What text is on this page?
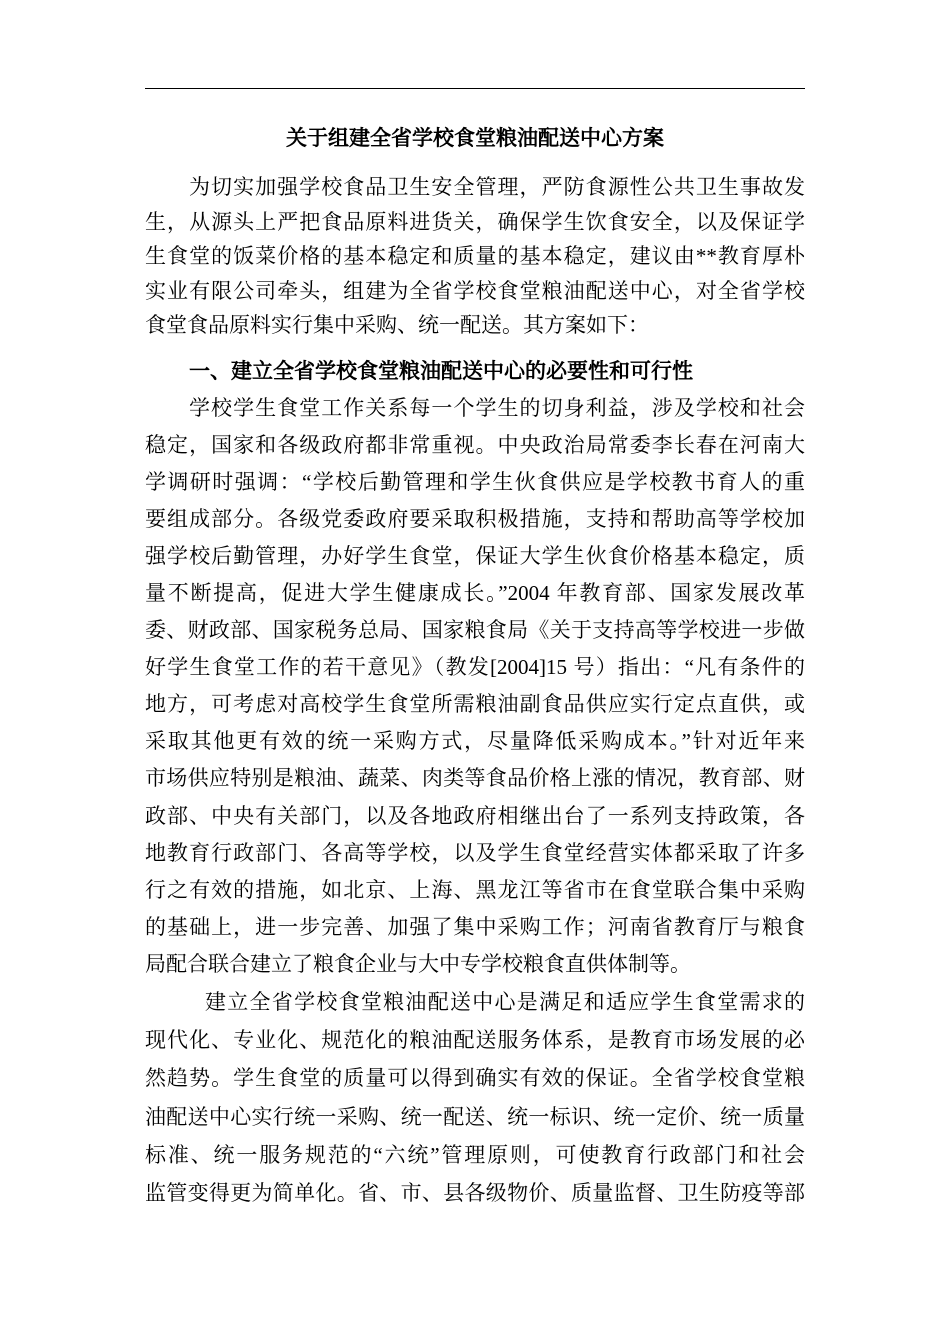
关于组建全省学校食堂粮油配送中心方案
为切实加强学校食品卫生安全管理，严防食源性公共卫生事故发
生，从源头上严把食品原料进货关，确保学生饮食安全，以及保证学
生食堂的饭菜价格的基本稳定和质量的基本稳定，建议由**教育厚朴
实业有限公司牵头，组建为全省学校食堂粮油配送中心，对全省学校
食堂食品原料实行集中采购、统一配送。其方案如下：
一、建立全省学校食堂粮油配送中心的必要性和可行性
学校学生食堂工作关系每一个学生的切身利益，涉及学校和社会
稳定，国家和各级政府都非常重视。中央政治局常委李长春在河南大
学调研时强调：“学校后勤管理和学生伙食供应是学校教书育人的重
要组成部分。各级党委政府要采取积极措施，支持和帮助高等学校加
强学校后勤管理，办好学生食堂，保证大学生伙食价格基本稳定，质
量不断提高，促进大学生健康成长。”2004 年教育部、国家发展改革
委、财政部、国家税务总局、国家粮食局《关于支持高等学校进一步做
好学生食堂工作的若干意见》（教发[2004]15 号）指出：“凡有条件的
地方，可考虑对高校学生食堂所需粮油副食品供应实行定点直供，或
采取其他更有效的统一采购方式，尽量降低采购成本。”针对近年来
市场供应特别是粮油、蔬菜、肉类等食品价格上涨的情况，教育部、财
政部、中央有关部门，以及各地政府相继出台了一系列支持政策，各
地教育行政部门、各高等学校，以及学生食堂经营实体都采取了许多
行之有效的措施，如北京、上海、黑龙江等省市在食堂联合集中采购
的基础上，进一步完善、加强了集中采购工作；河南省教育厅与粮食
局配合联合建立了粮食企业与大中专学校粮食直供体制等。
建立全省学校食堂粮油配送中心是满足和适应学生食堂需求的
现代化、专业化、规范化的粮油配送服务体系，是教育市场发展的必
然趋势。学生食堂的质量可以得到确实有效的保证。全省学校食堂粮
油配送中心实行统一采购、统一配送、统一标识、统一定价、统一质量
标准、统一服务规范的“六统”管理原则，可使教育行政部门和社会
监管变得更为简单化。省、市、县各级物价、质量监督、卫生防疫等部
